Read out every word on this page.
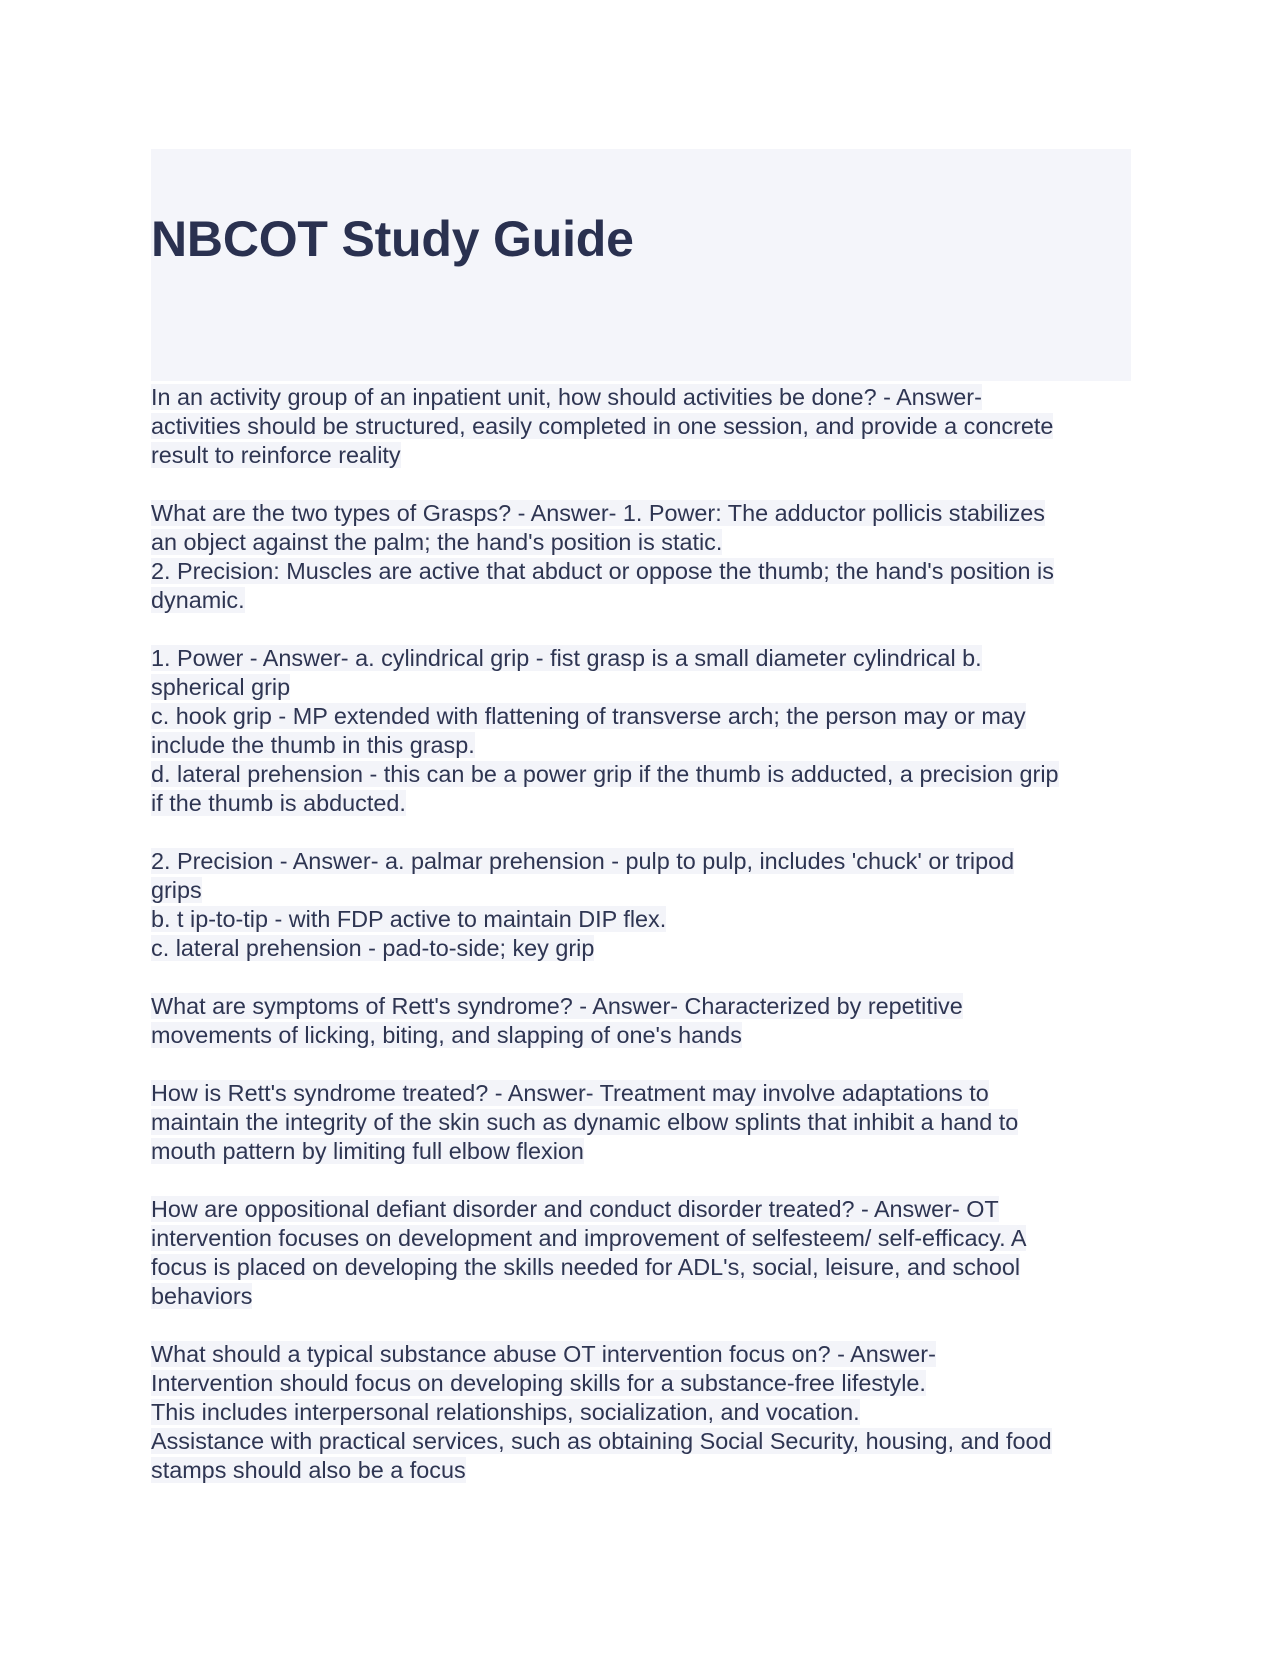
NBCOT Study Guide
In an activity group of an inpatient unit, how should activities be done? - Answer-
activities should be structured, easily completed in one session, and provide a concrete
result to reinforce reality
What are the two types of Grasps? - Answer- 1. Power: The adductor pollicis stabilizes
an object against the palm; the hand's position is static.
2. Precision: Muscles are active that abduct or oppose the thumb; the hand's position is
dynamic.
1. Power - Answer- a. cylindrical grip - fist grasp is a small diameter cylindrical b.
spherical grip
c. hook grip - MP extended with flattening of transverse arch; the person may or may
include the thumb in this grasp.
d. lateral prehension - this can be a power grip if the thumb is adducted, a precision grip
if the thumb is abducted.
2. Precision - Answer- a. palmar prehension - pulp to pulp, includes 'chuck' or tripod
grips
b. t ip-to-tip - with FDP active to maintain DIP flex.
c. lateral prehension - pad-to-side; key grip
What are symptoms of Rett's syndrome? - Answer- Characterized by repetitive
movements of licking, biting, and slapping of one's hands
How is Rett's syndrome treated? - Answer- Treatment may involve adaptations to
maintain the integrity of the skin such as dynamic elbow splints that inhibit a hand to
mouth pattern by limiting full elbow flexion
How are oppositional defiant disorder and conduct disorder treated? - Answer- OT
intervention focuses on development and improvement of selfesteem/ self-efficacy. A
focus is placed on developing the skills needed for ADL's, social, leisure, and school
behaviors
What should a typical substance abuse OT intervention focus on? - Answer-
Intervention should focus on developing skills for a substance-free lifestyle.
This includes interpersonal relationships, socialization, and vocation.
Assistance with practical services, such as obtaining Social Security, housing, and food
stamps should also be a focus
